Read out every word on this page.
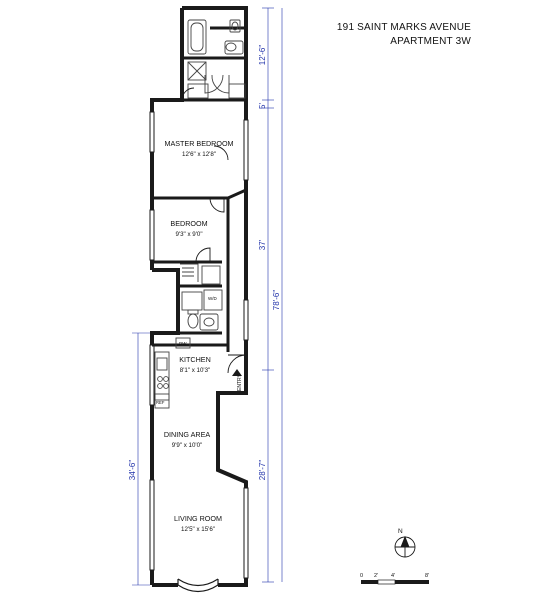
191 SAINT MARKS AVENUE
APARTMENT 3W
MASTER BEDROOM
12'6" x 12'8"
BEDROOM
9'3" x 9'0"
KITCHEN
8'1" x 10'3"
DINING AREA
9'9" x 10'0"
LIVING ROOM
12'5" x 15'6"
ENTRY
W/D
DW
REF
12'-6"
5'
37'
78'-6"
28'-7"
34'-6"
N
0 2' 4'	8'
